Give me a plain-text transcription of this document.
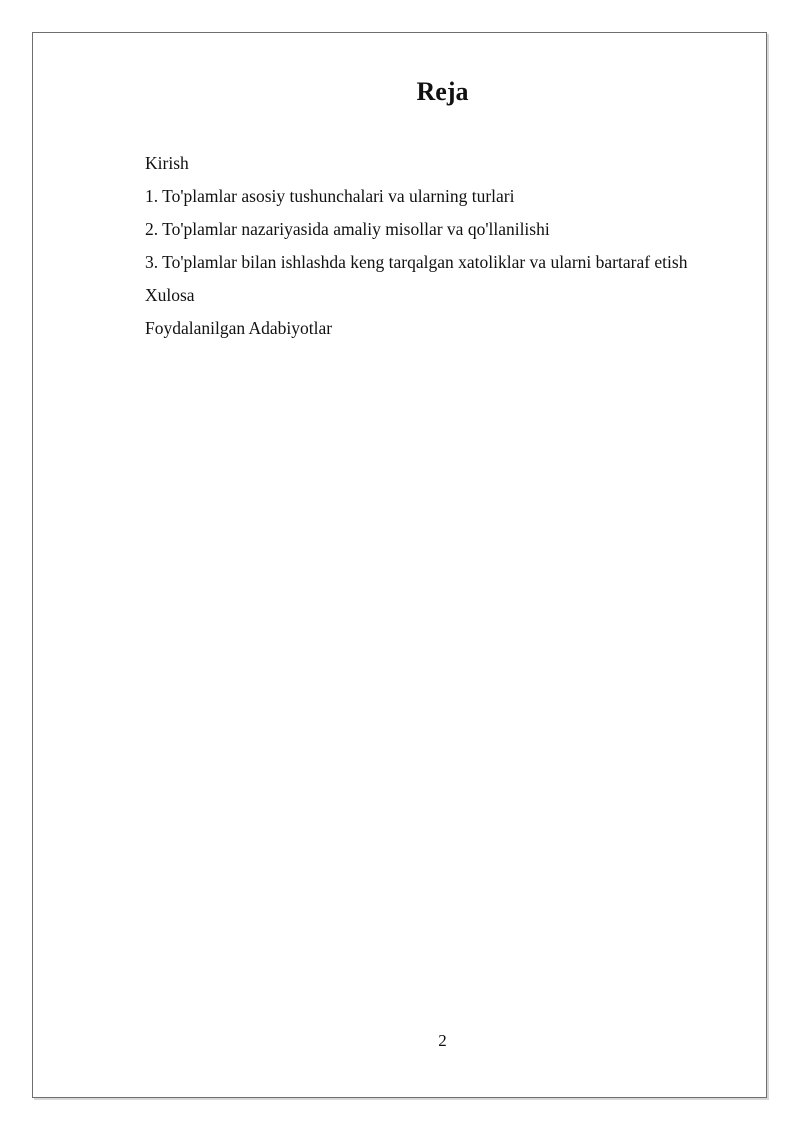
Reja
Kirish
1. To'plamlar asosiy tushunchalari va ularning turlari
2. To'plamlar nazariyasida amaliy misollar va qo'llanilishi
3. To'plamlar bilan ishlashda keng tarqalgan xatoliklar va ularni bartaraf etish
Xulosa
Foydalanilgan Adabiyotlar
2
